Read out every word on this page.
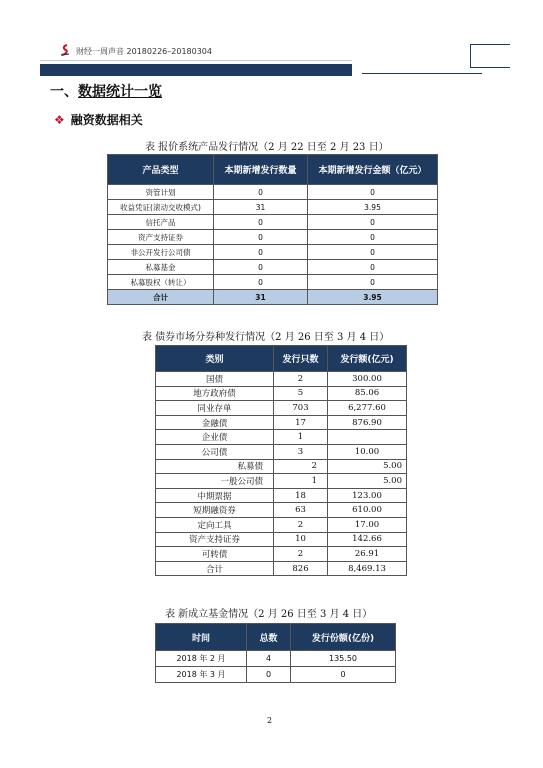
财经一周声音 20180226–20180304
一、数据统计一览
❖ 融资数据相关
表 报价系统产品发行情况（2 月 22 日至 2 月 23 日）
产品类型	本期新增发行数量	本期新增发行金额（亿元）
资管计划	0	0
收益凭证(滚动交收模式)	31	3.95
信托产品	0	0
资产支持证券	0	0
非公开发行公司债	0	0
私募基金	0	0
私募股权（转让）	0	0
合计	31	3.95
表 债券市场分券种发行情况（2 月 26 日至 3 月 4 日）
类别	发行只数	发行额(亿元)
国债	2	300.00
地方政府债	5	85.06
同业存单	703	6,277.60
金融债	17	876.90
企业债	1	
公司债	3	10.00
私募债	2	5.00
一般公司债	1	5.00
中期票据	18	123.00
短期融资券	63	610.00
定向工具	2	17.00
资产支持证券	10	142.66
可转债	2	26.91
合计	826	8,469.13
表 新成立基金情况（2 月 26 日至 3 月 4 日）
时间	总数	发行份额(亿份)
2018 年 2 月	4	135.50
2018 年 3 月	0	0
2
